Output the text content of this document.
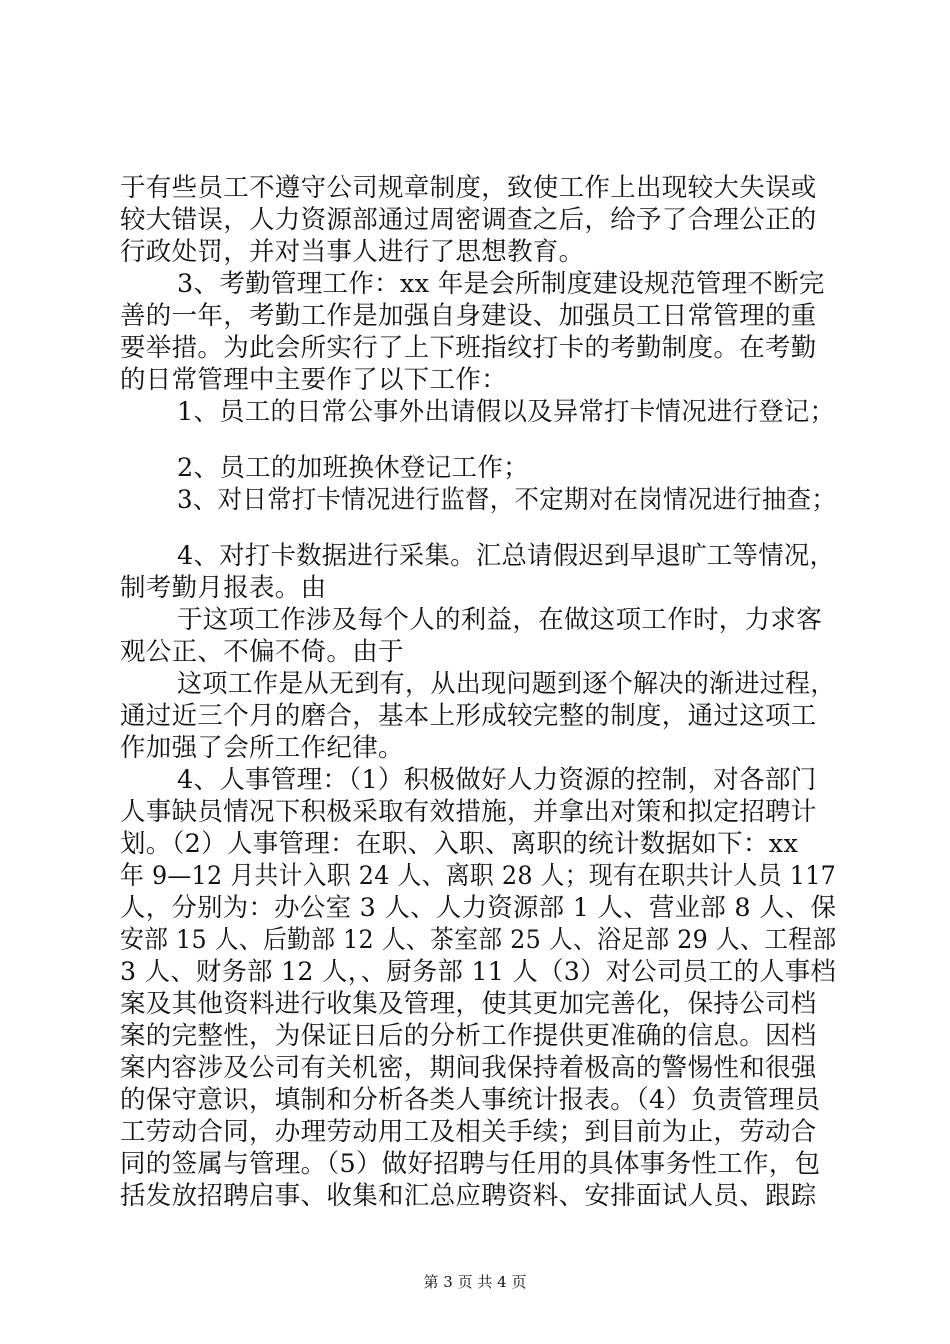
于有些员工不遵守公司规章制度，致使工作上出现较大失误或
较大错误，人力资源部通过周密调查之后，给予了合理公正的
行政处罚，并对当事人进行了思想教育。
3、考勤管理工作：xx 年是会所制度建设规范管理不断完
善的一年，考勤工作是加强自身建设、加强员工日常管理的重
要举措。为此会所实行了上下班指纹打卡的考勤制度。在考勤
的日常管理中主要作了以下工作：
1、员工的日常公事外出请假以及异常打卡情况进行登记；
2、员工的加班换休登记工作；
3、对日常打卡情况进行监督，不定期对在岗情况进行抽查；
4、对打卡数据进行采集。汇总请假迟到早退旷工等情况，
制考勤月报表。由
于这项工作涉及每个人的利益，在做这项工作时，力求客
观公正、不偏不倚。由于
这项工作是从无到有，从出现问题到逐个解决的渐进过程，
通过近三个月的磨合，基本上形成较完整的制度，通过这项工
作加强了会所工作纪律。
4、人事管理：（1）积极做好人力资源的控制，对各部门
人事缺员情况下积极采取有效措施，并拿出对策和拟定招聘计
划。（2）人事管理：在职、入职、离职的统计数据如下：xx
年 9—12 月共计入职 24 人、离职 28 人；现有在职共计人员 117
人，分别为：办公室 3 人、人力资源部 1 人、营业部 8 人、保
安部 15 人、后勤部 12 人、茶室部 25 人、浴足部 29 人、工程部
3 人、财务部 12 人，、厨务部 11 人（3）对公司员工的人事档
案及其他资料进行收集及管理，使其更加完善化，保持公司档
案的完整性，为保证日后的分析工作提供更准确的信息。因档
案内容涉及公司有关机密，期间我保持着极高的警惕性和很强
的保守意识，填制和分析各类人事统计报表。（4）负责管理员
工劳动合同，办理劳动用工及相关手续；到目前为止，劳动合
同的签属与管理。（5）做好招聘与任用的具体事务性工作，包
括发放招聘启事、收集和汇总应聘资料、安排面试人员、跟踪
第 3 页 共 4 页
